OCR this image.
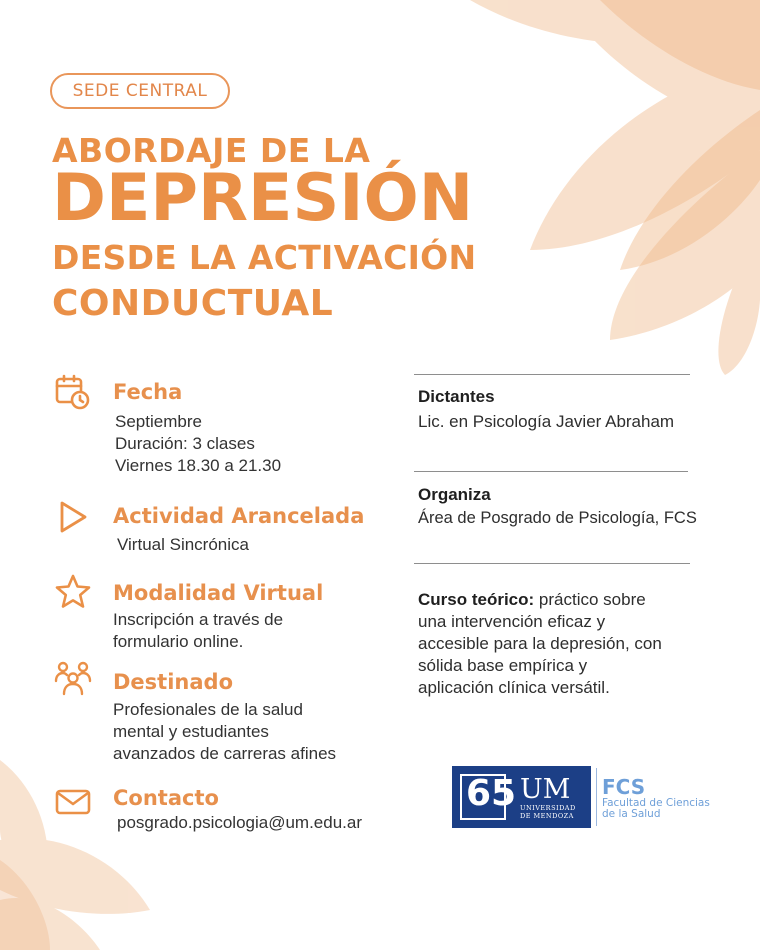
SEDE CENTRAL
ABORDAJE DE LA
DEPRESIÓN
DESDE LA ACTIVACIÓN
CONDUCTUAL
Fecha
Septiembre
Duración: 3 clases
Viernes 18.30 a 21.30
Actividad Arancelada
Virtual Sincrónica
Modalidad Virtual
Inscripción a través de
formulario online.
Destinado
Profesionales de la salud
mental y estudiantes
avanzados de carreras afines
Contacto
posgrado.psicologia@um.edu.ar
Dictantes
Lic. en Psicología Javier Abraham
Organiza
Área de Posgrado de Psicología, FCS
Curso teórico: práctico sobre
una intervención eficaz y
accesible para la depresión, con
sólida base empírica y
aplicación clínica versátil.
65 UM
UNIVERSIDAD
DE MENDOZA
FCS
Facultad de Ciencias
de la Salud
